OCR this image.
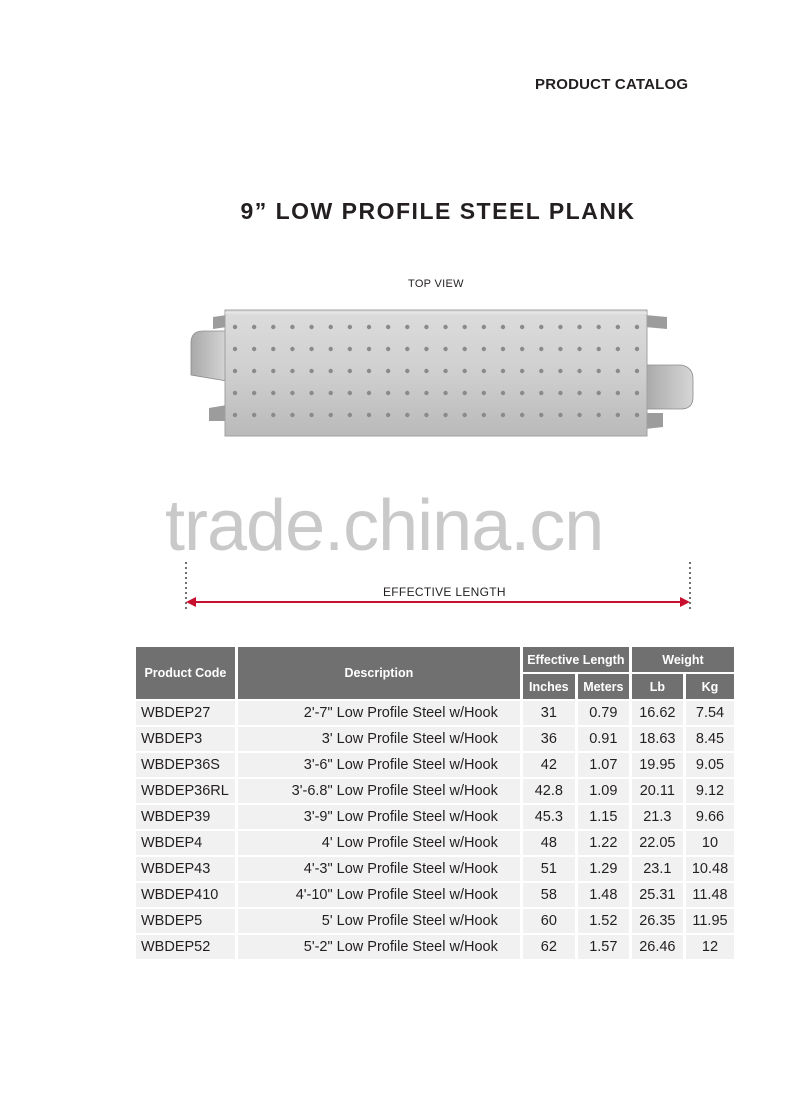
PRODUCT CATALOG
9” LOW PROFILE STEEL PLANK
TOP VIEW
trade.china.cn
EFFECTIVE LENGTH
Product Code	Description	Effective Length		Weight	
		Inches	Meters	Lb	Kg
WBDEP27	2'-7" Low Profile Steel w/Hook	31	0.79	16.62	7.54
WBDEP3	3' Low Profile Steel w/Hook	36	0.91	18.63	8.45
WBDEP36S	3'-6" Low Profile Steel w/Hook	42	1.07	19.95	9.05
WBDEP36RL	3'-6.8" Low Profile Steel w/Hook	42.8	1.09	20.11	9.12
WBDEP39	3'-9" Low Profile Steel w/Hook	45.3	1.15	21.3	9.66
WBDEP4	4' Low Profile Steel w/Hook	48	1.22	22.05	10
WBDEP43	4'-3" Low Profile Steel w/Hook	51	1.29	23.1	10.48
WBDEP410	4'-10" Low Profile Steel w/Hook	58	1.48	25.31	11.48
WBDEP5	5' Low Profile Steel w/Hook	60	1.52	26.35	11.95
WBDEP52	5'-2" Low Profile Steel w/Hook	62	1.57	26.46	12
